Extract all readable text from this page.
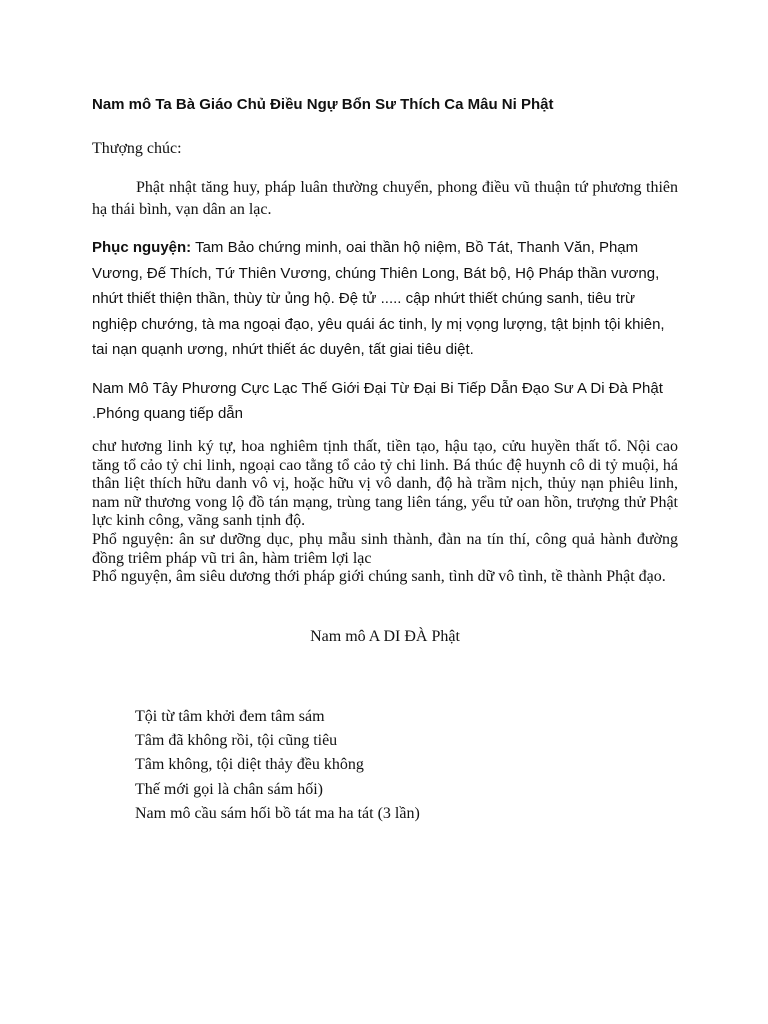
Nam mô Ta Bà Giáo Chủ Điều Ngự Bổn Sư Thích Ca Mâu Ni Phật
Thượng chúc:

Phật nhật tăng huy, pháp luân thường chuyển, phong điều vũ thuận tứ phương thiên hạ thái bình, vạn dân an lạc.

Phục nguyện: Tam Bảo chứng minh, oai thần hộ niệm, Bồ Tát, Thanh Văn, Phạm Vương, Đế Thích, Tứ Thiên Vương, chúng Thiên Long, Bát bộ, Hộ Pháp thần vương, nhứt thiết thiện thần, thùy từ ủng hộ. Đệ tử ..... cập nhứt thiết chúng sanh, tiêu trừ nghiệp chướng, tà ma ngoại đạo, yêu quái ác tinh, ly mị vọng lượng, tật bịnh tội khiên, tai nạn quạnh ương, nhứt thiết ác duyên, tất giai tiêu diệt.

Nam Mô Tây Phương Cực Lạc Thế Giới Đại Từ Đại Bi Tiếp Dẫn Đạo Sư A Di Đà Phật .Phóng quang tiếp dẫn

chư hương linh ký tự, hoa nghiêm tịnh thất, tiền tạo, hậu tạo, cửu huyền thất tổ. Nội cao tăng tổ cảo tỷ chi linh, ngoại cao tằng tổ cảo tỷ chi linh. Bá thúc đệ huynh cô di tỷ muội, há thân liệt thích hữu danh vô vị, hoặc hữu vị vô danh, độ hà trầm nịch, thủy nạn phiêu linh, nam nữ thương vong lộ đồ tán mạng, trùng tang liên táng, yểu tử oan hồn, trượng thử Phật lực kinh công, vãng sanh tịnh độ.

Phổ nguyện: ân sư dưỡng dục, phụ mẫu sinh thành, đàn na tín thí, công quả hành đường đồng triêm pháp vũ tri ân, hàm triêm lợi lạc

Phổ nguyện, âm siêu dương thới pháp giới chúng sanh, tình dữ vô tình, tề thành Phật đạo.

Nam mô A DI ĐÀ Phật

Tội từ tâm khởi đem tâm sám
Tâm đã không rồi, tội cũng tiêu
Tâm không, tội diệt thảy đều không
Thế mới gọi là chân sám hối)
Nam mô cầu sám hối bồ tát ma ha tát (3 lần)
